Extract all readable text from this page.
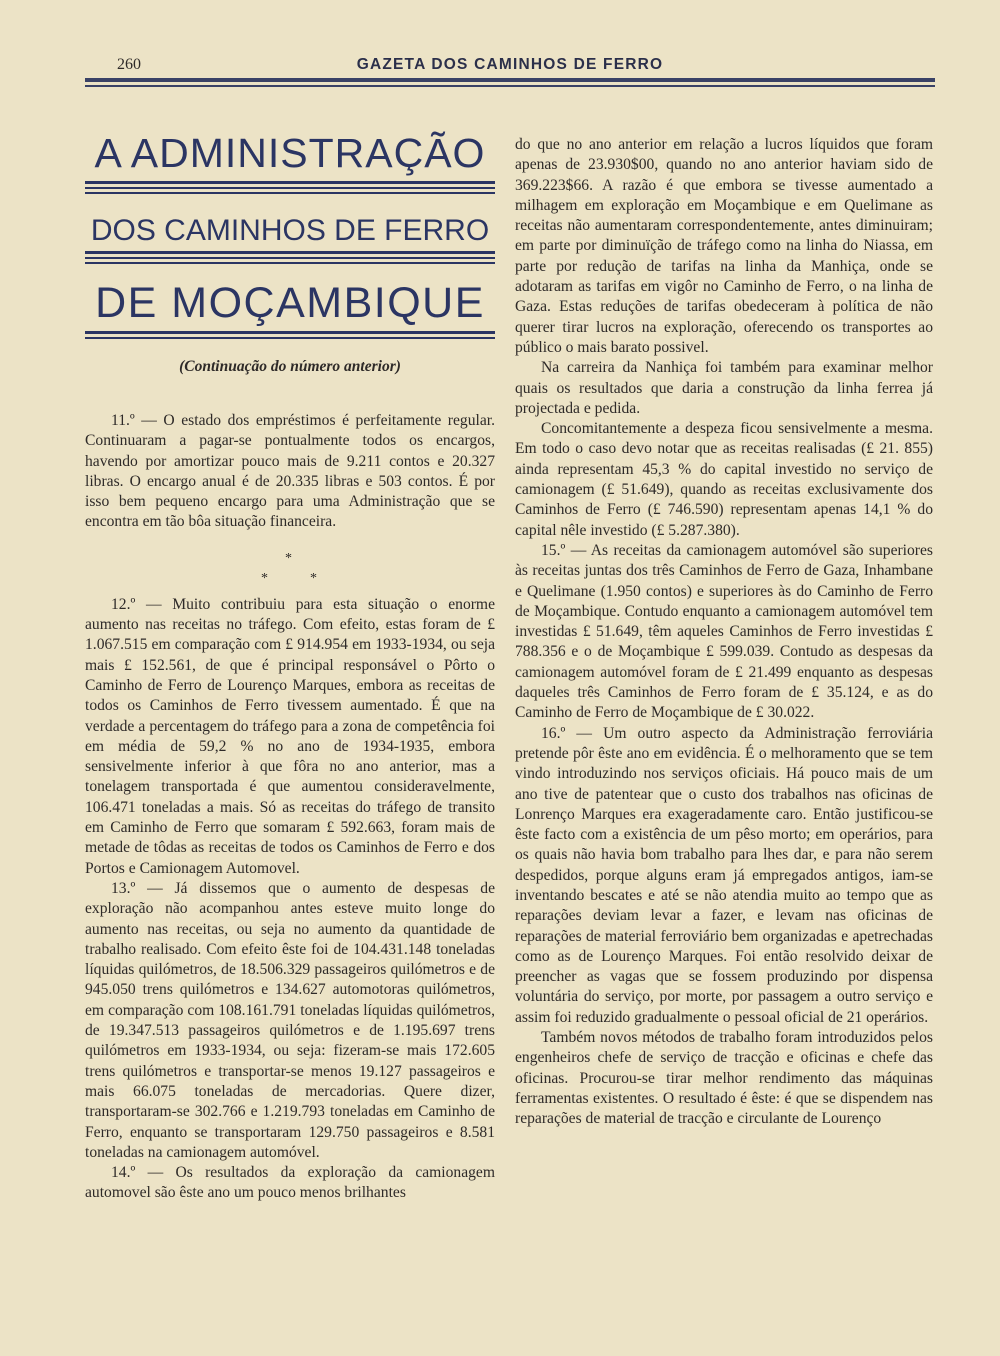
260	GAZETA DOS CAMINHOS DE FERRO
A ADMINISTRAÇÃO
DOS CAMINHOS DE FERRO
DE MOÇAMBIQUE
(Continuação do número anterior)

11.º — O estado dos empréstimos é perfeitamente regular. Continuaram a pagar-se pontualmente todos os encargos, havendo por amortizar pouco mais de 9.211 contos e 20.327 libras. O encargo anual é de 20.335 libras e 503 contos. É por isso bem pequeno encargo para uma Administração que se encontra em tão bôa situação financeira.

*
*	*

12.º — Muito contribuiu para esta situação o enorme aumento nas receitas no tráfego. Com efeito, estas foram de £ 1.067.515 em comparação com £ 914.954 em 1933-1934, ou seja mais £ 152.561, de que é principal responsável o Pôrto o Caminho de Ferro de Lourenço Marques, embora as receitas de todos os Caminhos de Ferro tivessem aumentado. É que na verdade a percentagem do tráfego para a zona de competência foi em média de 59,2 % no ano de 1934-1935, embora sensivelmente inferior à que fôra no ano anterior, mas a tonelagem transportada é que aumentou consideravelmente, 106.471 toneladas a mais. Só as receitas do tráfego de transito em Caminho de Ferro que somaram £ 592.663, foram mais de metade de tôdas as receitas de todos os Caminhos de Ferro e dos Portos e Camionagem Automovel.

13.º — Já dissemos que o aumento de despesas de exploração não acompanhou antes esteve muito longe do aumento nas receitas, ou seja no aumento da quantidade de trabalho realisado. Com efeito êste foi de 104.431.148 toneladas líquidas quilómetros, de 18.506.329 passageiros quilómetros e de 945.050 trens quilómetros e 134.627 automotoras quilómetros, em comparação com 108.161.791 toneladas líquidas quilómetros, de 19.347.513 passageiros quilómetros e de 1.195.697 trens quilómetros em 1933-1934, ou seja: fizeram-se mais 172.605 trens quilómetros e transportar-se menos 19.127 passageiros e mais 66.075 toneladas de mercadorias. Quere dizer, transportaram-se 302.766 e 1.219.793 toneladas em Caminho de Ferro, enquanto se transportaram 129.750 passageiros e 8.581 toneladas na camionagem automóvel.

14.º — Os resultados da exploração da camionagem automovel são êste ano um pouco menos brilhantes

do que no ano anterior em relação a lucros líquidos que foram apenas de 23.930$00, quando no ano anterior haviam sido de 369.223$66. A razão é que embora se tivesse aumentado a milhagem em exploração em Moçambique e em Quelimane as receitas não aumentaram correspondentemente, antes diminuiram; em parte por diminuïção de tráfego como na linha do Niassa, em parte por redução de tarifas na linha da Manhiça, onde se adotaram as tarifas em vigôr no Caminho de Ferro, o na linha de Gaza. Estas reduções de tarifas obedeceram à política de não querer tirar lucros na exploração, oferecendo os transportes ao público o mais barato possivel.

Na carreira da Nanhiça foi também para examinar melhor quais os resultados que daria a construção da linha ferrea já projectada e pedida.

Concomitantemente a despeza ficou sensivelmente a mesma. Em todo o caso devo notar que as receitas realisadas (£ 21. 855) ainda representam 45,3 % do capital investido no serviço de camionagem (£ 51.649), quando as receitas exclusivamente dos Caminhos de Ferro (£ 746.590) representam apenas 14,1 % do capital nêle investido (£ 5.287.380).

15.º — As receitas da camionagem automóvel são superiores às receitas juntas dos três Caminhos de Ferro de Gaza, Inhambane e Quelimane (1.950 contos) e superiores às do Caminho de Ferro de Moçambique. Contudo enquanto a camionagem automóvel tem investidas £ 51.649, têm aqueles Caminhos de Ferro investidas £ 788.356 e o de Moçambique £ 599.039. Contudo as despesas da camionagem automóvel foram de £ 21.499 enquanto as despesas daqueles três Caminhos de Ferro foram de £ 35.124, e as do Caminho de Ferro de Moçambique de £ 30.022.

16.º — Um outro aspecto da Administração ferroviária pretende pôr êste ano em evidência. É o melhoramento que se tem vindo introduzindo nos serviços oficiais. Há pouco mais de um ano tive de patentear que o custo dos trabalhos nas oficinas de Lonrenço Marques era exageradamente caro. Então justificou-se êste facto com a existência de um pêso morto; em operários, para os quais não havia bom trabalho para lhes dar, e para não serem despedidos, porque alguns eram já empregados antigos, iam-se inventando bescates e até se não atendia muito ao tempo que as reparações deviam levar a fazer, e levam nas oficinas de reparações de material ferroviário bem organizadas e apetrechadas como as de Lourenço Marques. Foi então resolvido deixar de preencher as vagas que se fossem produzindo por dispensa voluntária do serviço, por morte, por passagem a outro serviço e assim foi reduzido gradualmente o pessoal oficial de 21 operários.

Também novos métodos de trabalho foram introduzidos pelos engenheiros chefe de serviço de tracção e oficinas e chefe das oficinas. Procurou-se tirar melhor rendimento das máquinas ferramentas existentes. O resultado é êste: é que se dispendem nas reparações de material de tracção e circulante de Lourenço
